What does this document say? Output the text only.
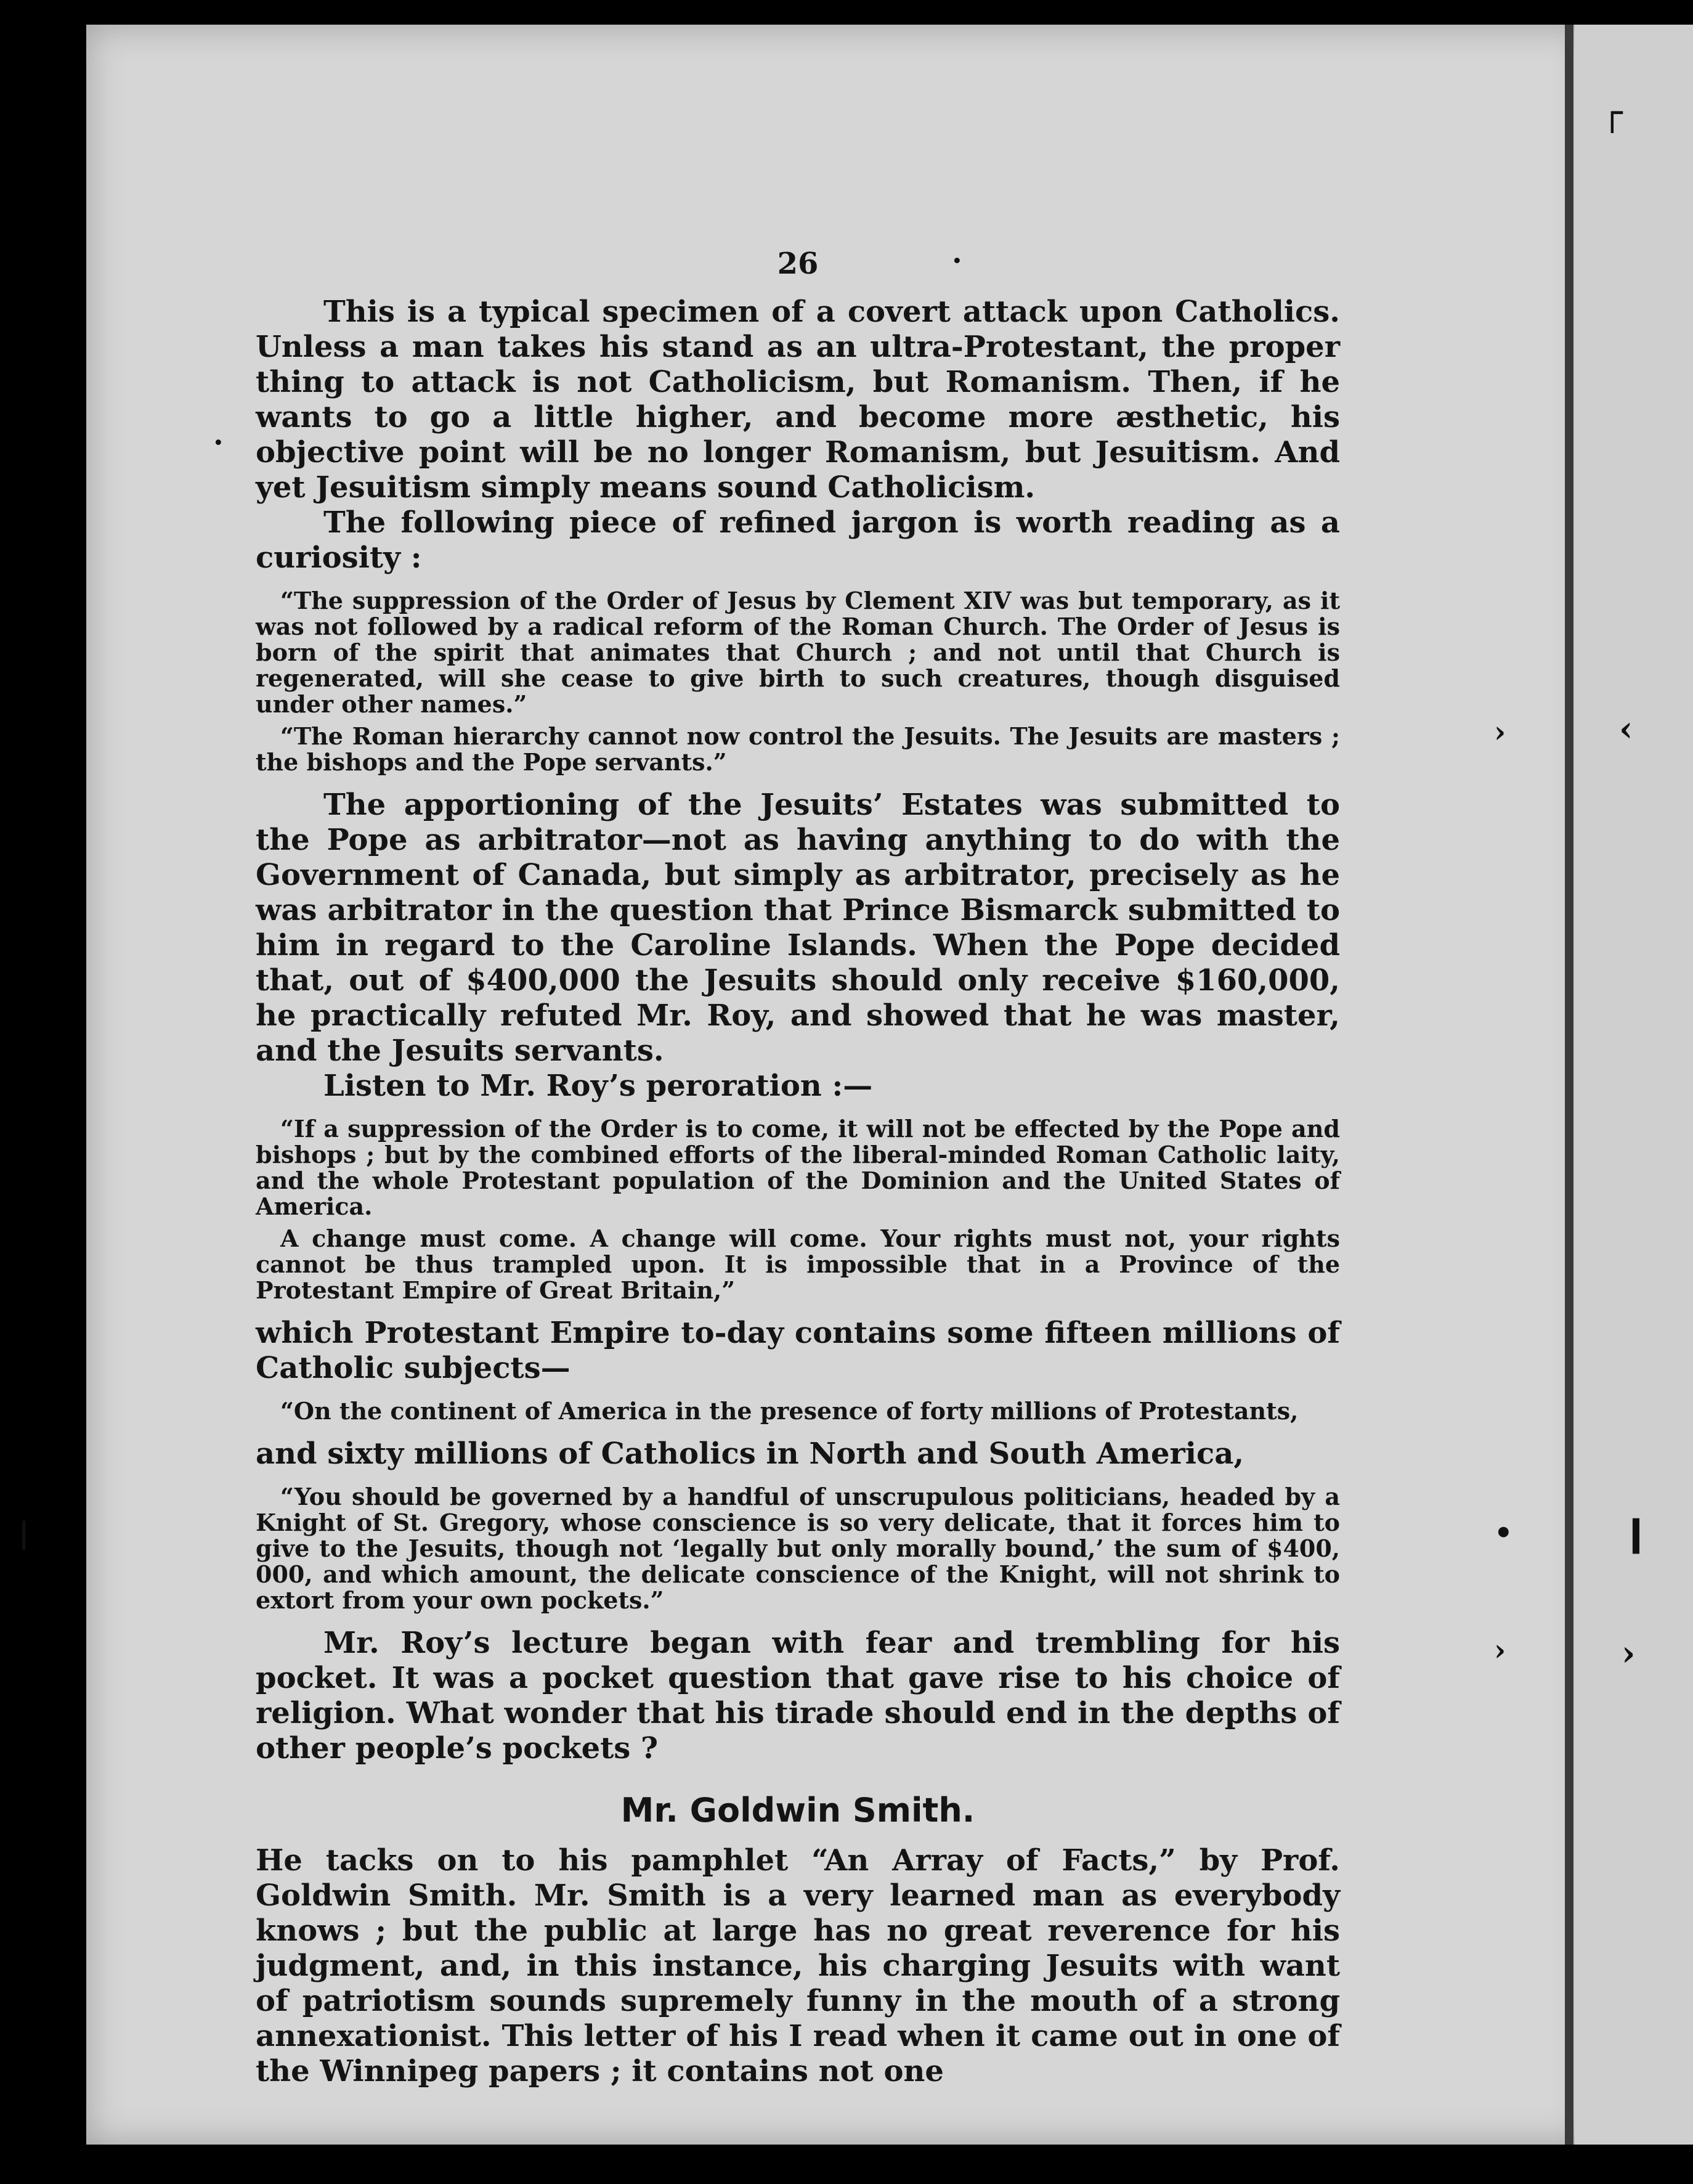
┌
‹
❙
›
·
›
•
›
·
|
26

This is a typical specimen of a covert attack upon Catholics. Unless a man takes his stand as an ultra-Protestant, the proper thing to attack is not Catholicism, but Romanism. Then, if he wants to go a little higher, and become more æsthetic, his objective point will be no longer Romanism, but Jesuitism. And yet Jesuitism simply means sound Catholicism.

The following piece of refined jargon is worth reading as a curiosity :

“The suppression of the Order of Jesus by Clement XIV was but temporary, as it was not followed by a radical reform of the Roman Church. The Order of Jesus is born of the spirit that animates that Church ; and not until that Church is regenerated, will she cease to give birth to such creatures, though disguised under other names.”

“The Roman hierarchy cannot now control the Jesuits. The Jesuits are masters ; the bishops and the Pope servants.”

The apportioning of the Jesuits’ Estates was submitted to the Pope as arbitrator—not as having anything to do with the Government of Canada, but simply as arbitrator, precisely as he was arbitrator in the question that Prince Bismarck submitted to him in regard to the Caroline Islands. When the Pope decided that, out of $400,000 the Jesuits should only receive $160,000, he practically refuted Mr. Roy, and showed that he was master, and the Jesuits servants.

Listen to Mr. Roy’s peroration :—

“If a suppression of the Order is to come, it will not be effected by the Pope and bishops ; but by the combined efforts of the liberal-minded Roman Catholic laity, and the whole Protestant population of the Dominion and the United States of America.

A change must come. A change will come. Your rights must not, your rights cannot be thus trampled upon. It is impossible that in a Province of the Protestant Empire of Great Britain,”

which Protestant Empire to-day contains some fifteen millions of Catholic subjects—

“On the continent of America in the presence of forty millions of Protestants,

and sixty millions of Catholics in North and South America,

“You should be governed by a handful of unscrupulous politicians, headed by a Knight of St. Gregory, whose conscience is so very delicate, that it forces him to give to the Jesuits, though not ‘legally but only morally bound,’ the sum of $400, 000, and which amount, the delicate conscience of the Knight, will not shrink to extort from your own pockets.”

Mr. Roy’s lecture began with fear and trembling for his pocket. It was a pocket question that gave rise to his choice of religion. What wonder that his tirade should end in the depths of other people’s pockets ?

Mr. Goldwin Smith.

He tacks on to his pamphlet “An Array of Facts,” by Prof. Goldwin Smith. Mr. Smith is a very learned man as everybody knows ; but the public at large has no great reverence for his judgment, and, in this instance, his charging Jesuits with want of patriotism sounds supremely funny in the mouth of a strong annexationist. This letter of his I read when it came out in one of the Winnipeg papers ; it contains not one
